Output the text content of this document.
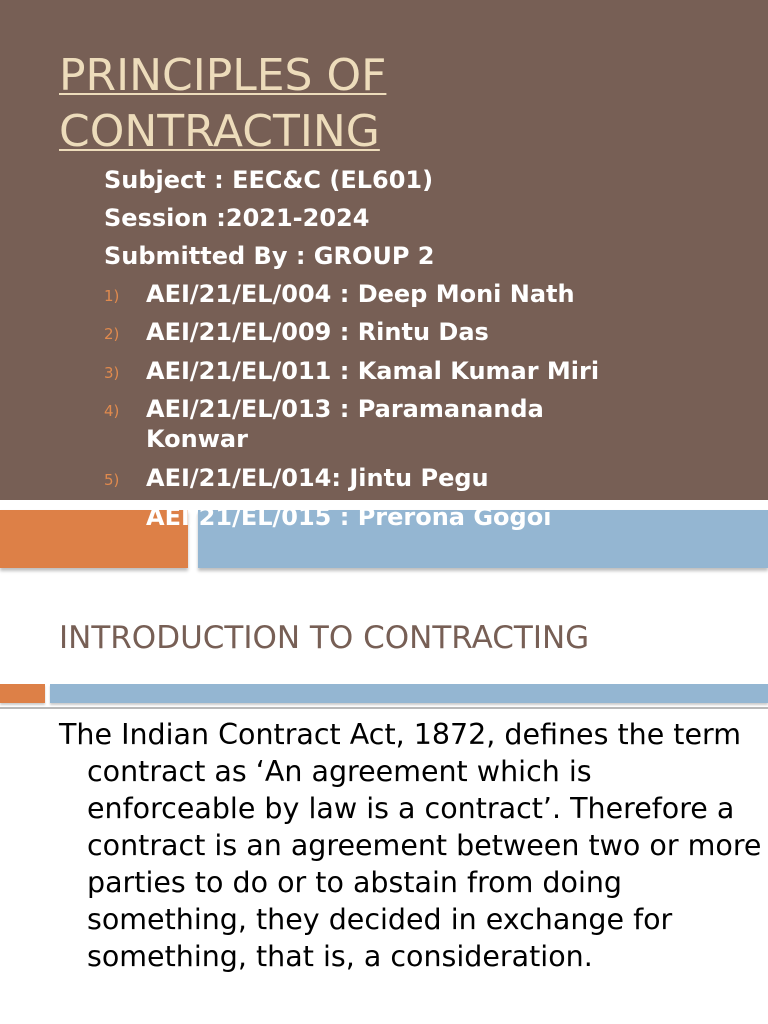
PRINCIPLES OF
CONTRACTING

Subject : EEC&C (EL601)

Session :2021-2024

Submitted By : GROUP 2

1)	AEI/21/EL/004 : Deep Moni Nath
2)	AEI/21/EL/009 : Rintu Das
3)	AEI/21/EL/011 : Kamal Kumar Miri
4)	AEI/21/EL/013 : Paramananda Konwar
5)	AEI/21/EL/014: Jintu Pegu
AEI/21/EL/015 : Prerona Gogoi
INTRODUCTION TO CONTRACTING

The Indian Contract Act, 1872, defines the term contract as ‘An agreement which is enforceable by law is a contract’. Therefore a contract is an agreement between two or more parties to do or to abstain from doing something, they decided in exchange for something, that is, a consideration.
